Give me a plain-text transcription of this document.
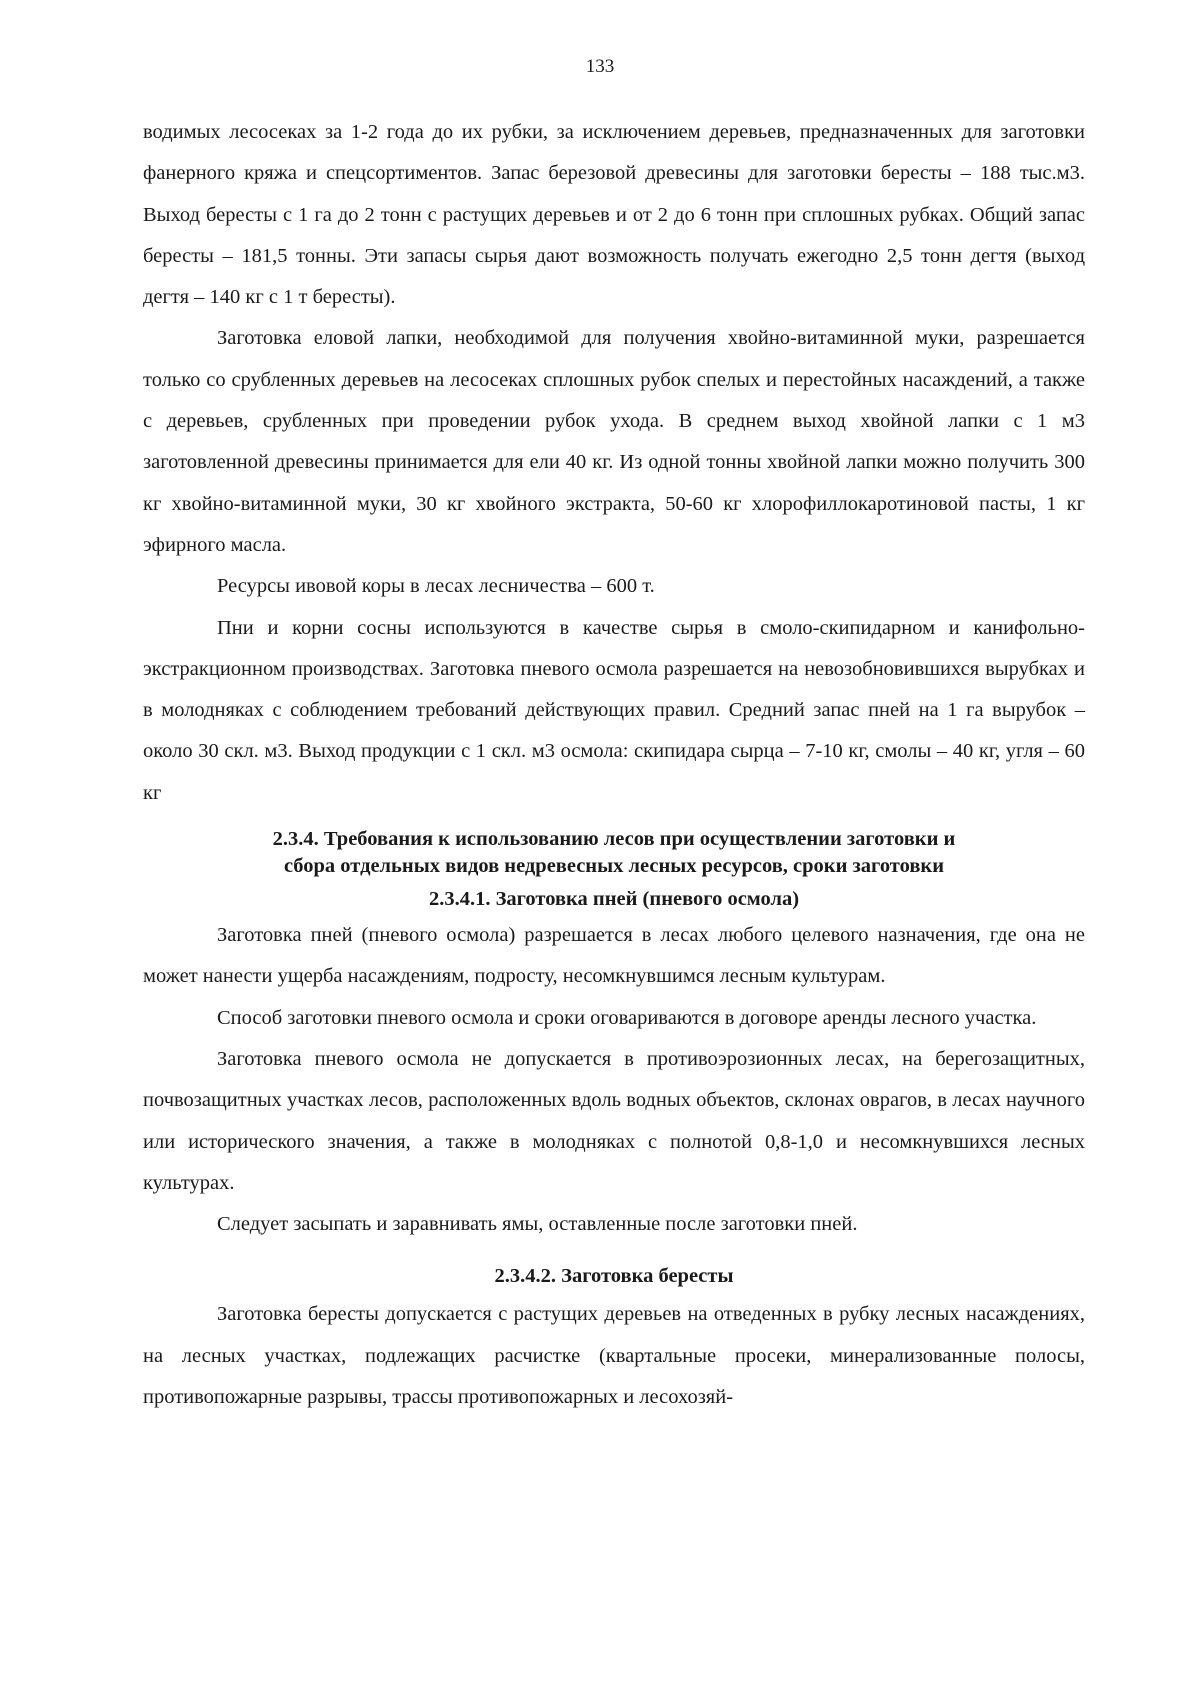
133

водимых лесосеках за 1-2 года до их рубки, за исключением деревьев, предназначенных для заготовки фанерного кряжа и спецсортиментов. Запас березовой древесины для заготовки бересты – 188 тыс.м3. Выход бересты с 1 га до 2 тонн с растущих деревьев и от 2 до 6 тонн при сплошных рубках. Общий запас бересты – 181,5 тонны. Эти запасы сырья дают возможность получать ежегодно 2,5 тонн дегтя (выход дегтя – 140 кг с 1 т бересты).

Заготовка еловой лапки, необходимой для получения хвойно-витаминной муки, разрешается только со срубленных деревьев на лесосеках сплошных рубок спелых и перестойных насаждений, а также с деревьев, срубленных при проведении рубок ухода. В среднем выход хвойной лапки с 1 м3 заготовленной древесины принимается для ели 40 кг. Из одной тонны хвойной лапки можно получить 300 кг хвойно-витаминной муки, 30 кг хвойного экстракта, 50-60 кг хлорофиллокаротиновой пасты, 1 кг эфирного масла.

Ресурсы ивовой коры в лесах лесничества – 600 т.

Пни и корни сосны используются в качестве сырья в смоло-скипидарном и канифольно-экстракционном производствах. Заготовка пневого осмола разрешается на невозобновившихся вырубках и в молодняках с соблюдением требований действующих правил. Средний запас пней на 1 га вырубок – около 30 скл. м3. Выход продукции с 1 скл. м3 осмола: скипидара сырца – 7-10 кг, смолы – 40 кг, угля – 60 кг

2.3.4. Требования к использованию лесов при осуществлении заготовки и
сбора отдельных видов недревесных лесных ресурсов, сроки заготовки
2.3.4.1. Заготовка пней (пневого осмола)

Заготовка пней (пневого осмола) разрешается в лесах любого целевого назначения, где она не может нанести ущерба насаждениям, подросту, несомкнувшимся лесным культурам.

Способ заготовки пневого осмола и сроки оговариваются в договоре аренды лесного участка.

Заготовка пневого осмола не допускается в противоэрозионных лесах, на берегозащитных, почвозащитных участках лесов, расположенных вдоль водных объектов, склонах оврагов, в лесах научного или исторического значения, а также в молодняках с полнотой 0,8-1,0 и несомкнувшихся лесных культурах.

Следует засыпать и заравнивать ямы, оставленные после заготовки пней.

2.3.4.2. Заготовка бересты

Заготовка бересты допускается с растущих деревьев на отведенных в рубку лесных насаждениях, на лесных участках, подлежащих расчистке (квартальные просеки, минерализованные полосы, противопожарные разрывы, трассы противопожарных и лесохозяй-
